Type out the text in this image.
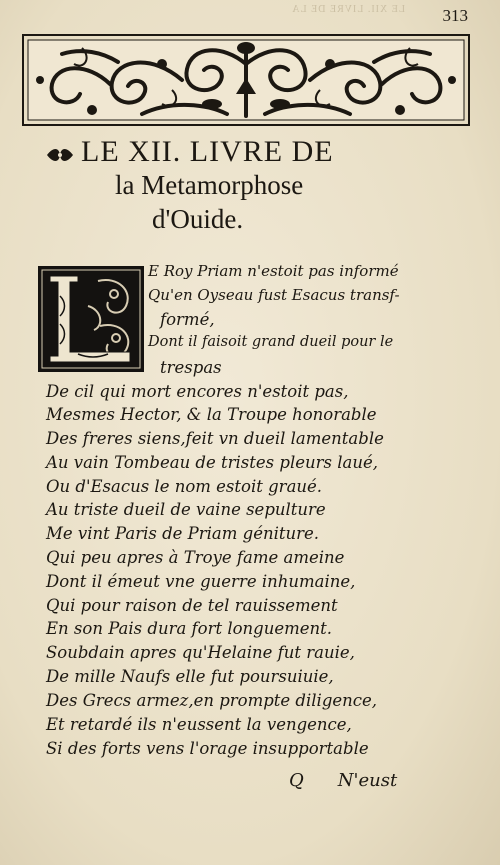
313
LE XII. LIVRE DE LA
LE XII. LIVRE DE
la Metamorphose
d'Ouide.
E Roy Priam n'estoit pas informé
Qu'en Oyseau fust Esacus transf-
formé,
Dont il faisoit grand dueil pour le
trespas
De cil qui mort encores n'estoit pas,
Mesmes Hector, & la Troupe honorable
Des freres siens,feit vn dueil lamentable
Au vain Tombeau de tristes pleurs laué,
Ou d'Esacus le nom estoit graué.
Au triste dueil de vaine sepulture
Me vint Paris de Priam géniture.
Qui peu apres à Troye fame ameine
Dont il émeut vne guerre inhumaine,
Qui pour raison de tel rauissement
En son Pais dura fort longuement.
Soubdain apres qu'Helaine fut rauie,
De mille Naufs elle fut poursuiuie,
Des Grecs armez,en prompte diligence,
Et retardé ils n'eussent la vengence,
Si des forts vens l'orage insupportable
Q N'eust
